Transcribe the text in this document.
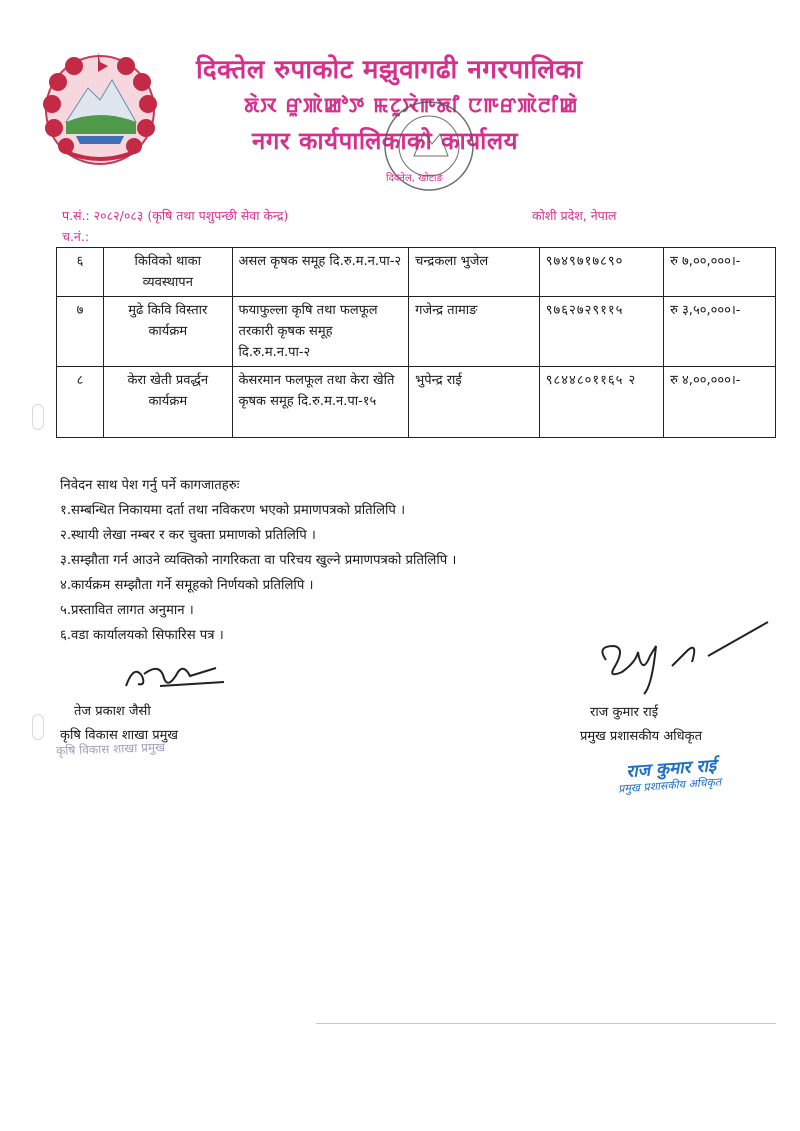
दिक्तेल रुपाकोट मझुवागढी नगरपालिका
ꯗꯥꯋ ꯔꯨꯄꯥꯀꯣꯇ ꯃꯖꯨꯋꯥꯒꯗꯤ ꯅꯒꯔꯄꯥꯂꯤꯀꯥ
नगर कार्यपालिकाको कार्यालय
दिक्तेल, खोटाङ
प.सं.: २०८२/०८३ (कृषि तथा पशुपन्छी सेवा केन्द्र)
च.नं.:
कोशी प्रदेश, नेपाल
६	किविको थाका व्यवस्थापन	असल कृषक समूह दि.रु.म.न.पा-२	चन्द्रकला भुजेल	९७४९७१७८९०	रु ७,००,०००।-
७	मुढे किवि विस्तार कार्यक्रम	फयाफुल्ला कृषि तथा फलफूल तरकारी कृषक समूह दि.रु.म.न.पा-२	गजेन्द्र तामाङ	९७६२७२९११५	रु ३,५०,०००।-
८	केरा खेती प्रवर्द्धन कार्यक्रम	केसरमान फलफूल तथा केरा खेति कृषक समूह दि.रु.म.न.पा-१५	भुपेन्द्र राई	९८४४८०११६५ २	रु ४,००,०००।-
निवेदन साथ पेश गर्नु पर्ने कागजातहरुः
१.सम्बन्धित निकायमा दर्ता तथा नविकरण भएको प्रमाणपत्रको प्रतिलिपि ।
२.स्थायी लेखा नम्बर र कर चुक्ता प्रमाणको प्रतिलिपि ।
३.सम्झौता गर्न आउने व्यक्तिको नागरिकता वा परिचय खुल्ने प्रमाणपत्रको प्रतिलिपि ।
४.कार्यक्रम सम्झौता गर्ने समूहको निर्णयको प्रतिलिपि ।
५.प्रस्तावित लागत अनुमान ।
६.वडा कार्यालयको सिफारिस पत्र ।
तेज प्रकाश जैसी
कृषि विकास शाखा प्रमुख
कृषि विकास शाखा प्रमुख
राज कुमार राई
प्रमुख प्रशासकीय अधिकृत
राज कुमार राई
प्रमुख प्रशासकीय अधिकृत
